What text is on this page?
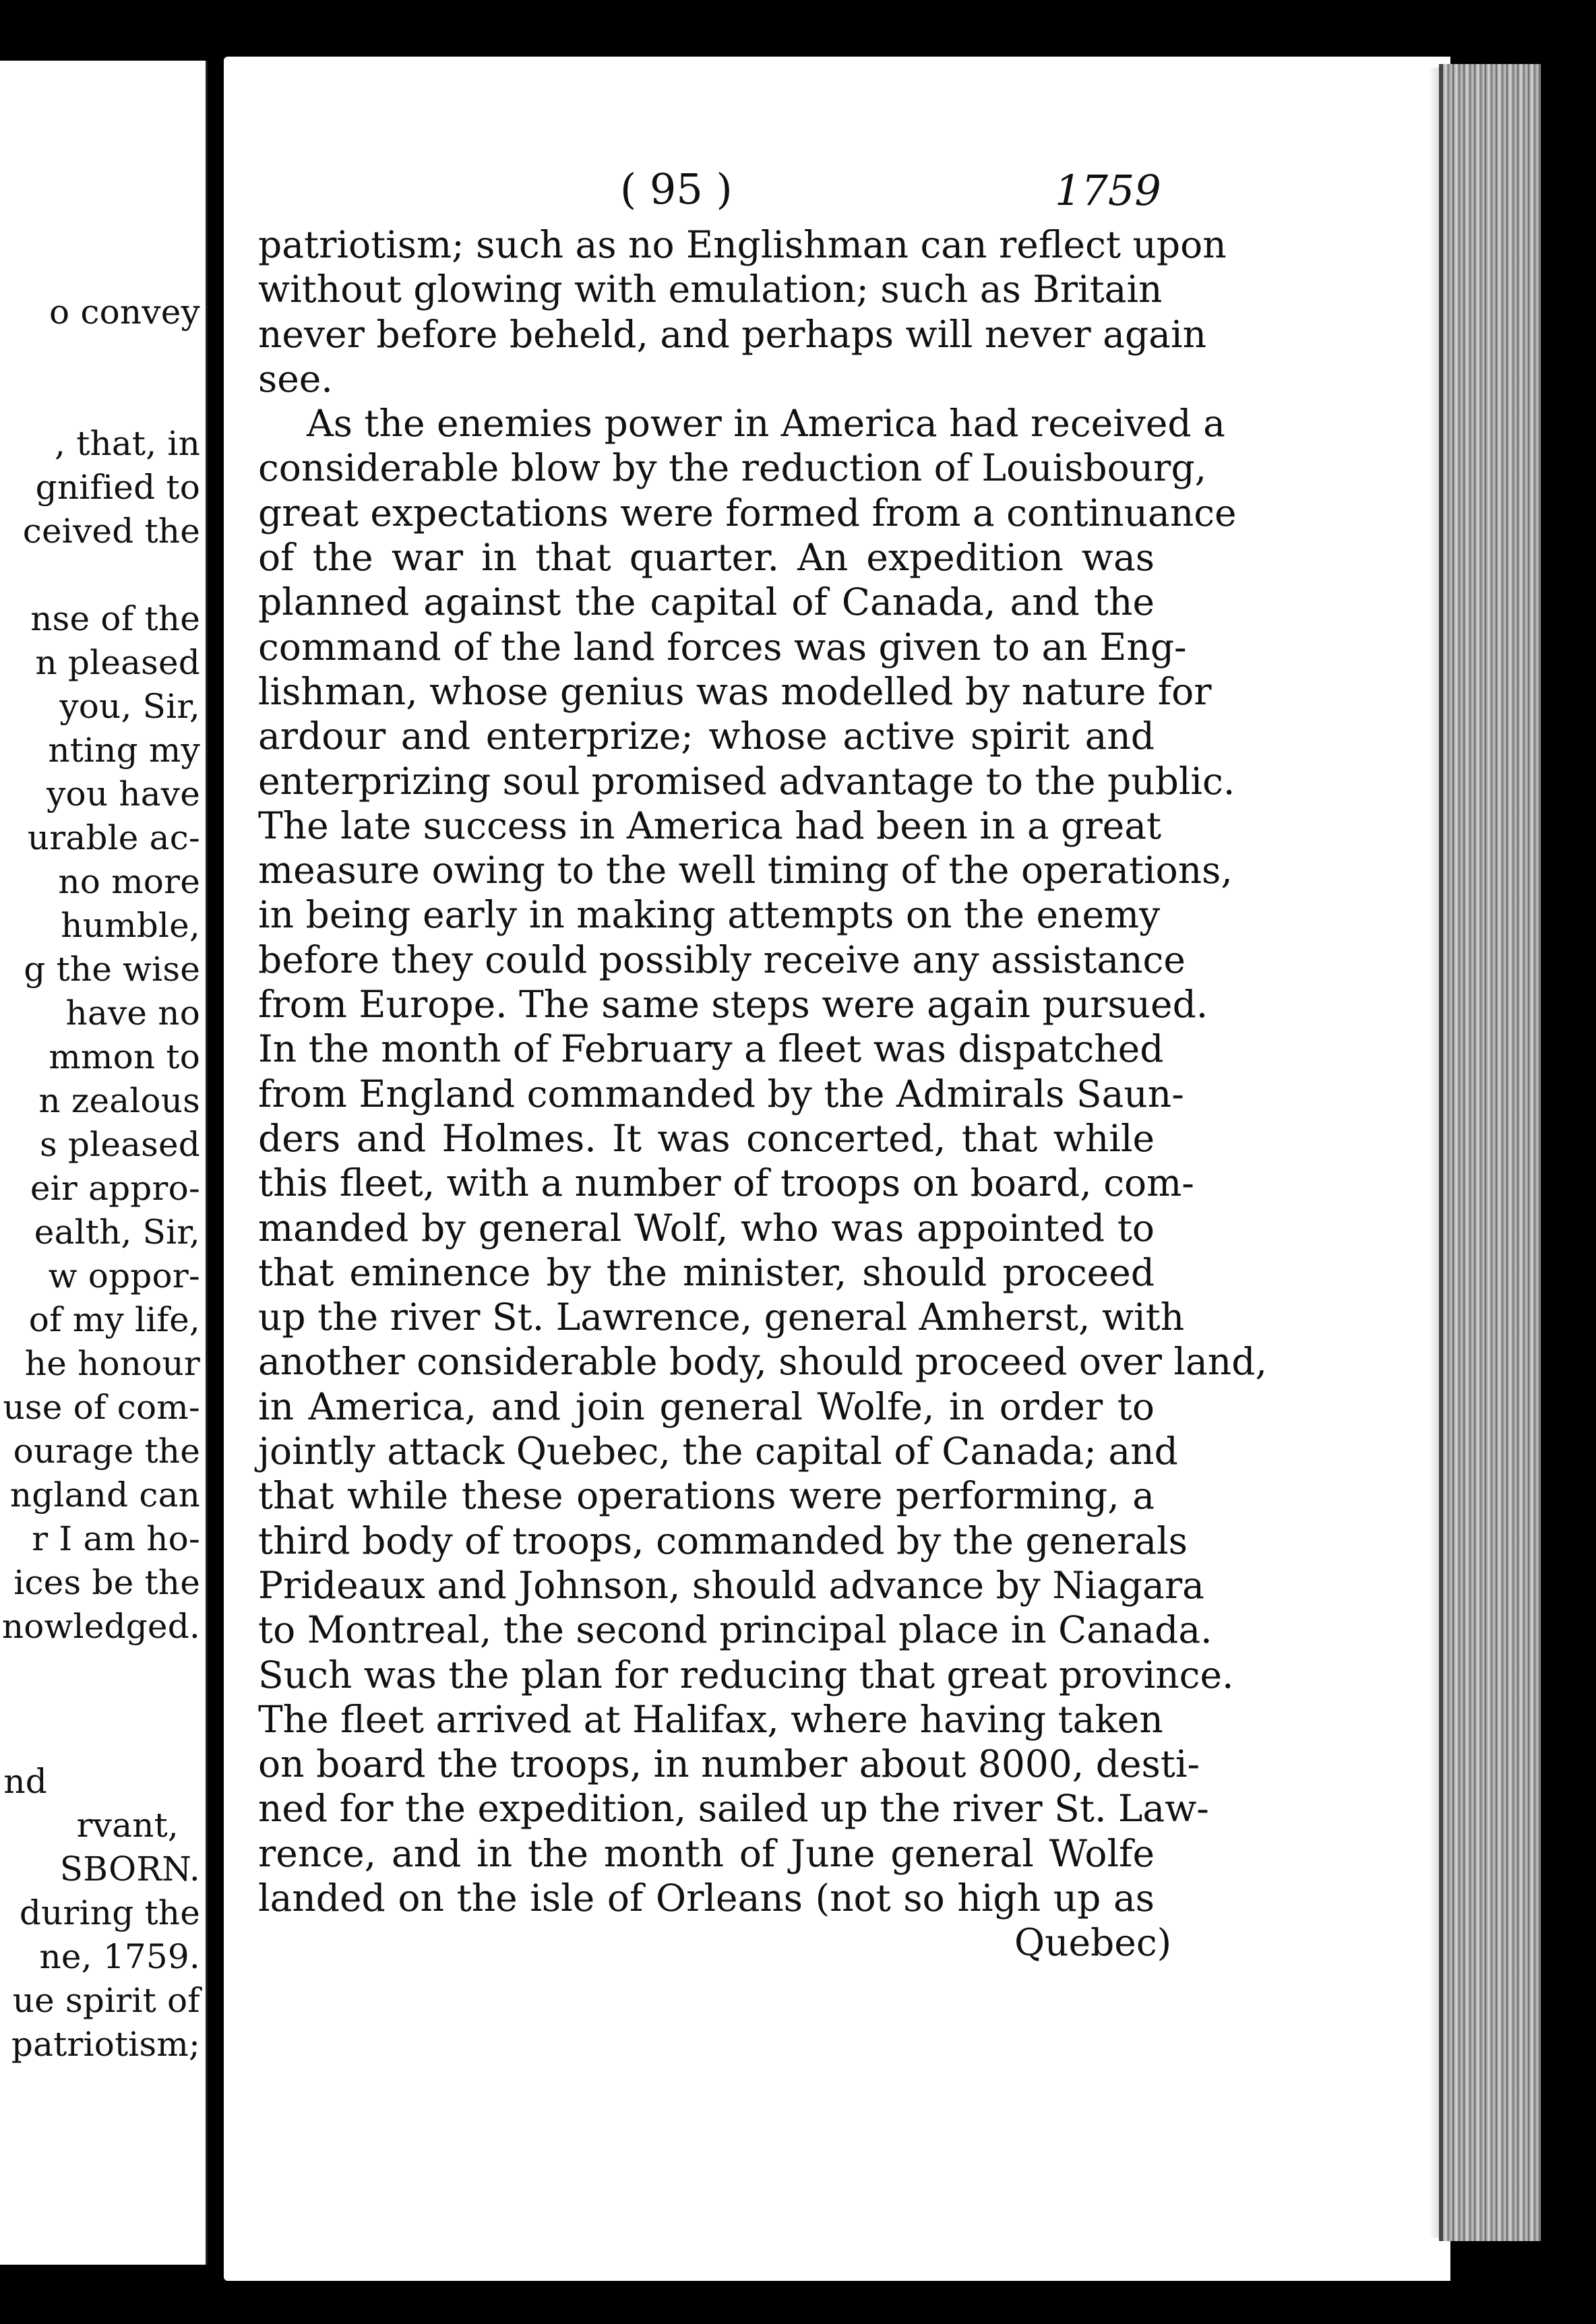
o convey
, that, in
gnified to
ceived the
nse of the
n pleased
you, Sir,
nting my
you have
urable ac-
no more
humble,
g the wise
have no
mmon to
n zealous
s pleased
eir appro-
ealth, Sir,
w oppor-
of my life,
he honour
use of com-
ourage the
ngland can
r I am ho-
ices be the
nowledged.
nd
rvant,
SBORN.
during the
ne, 1759.
ue spirit of
patriotism;
( 95 )	1759
patriotism; such as no Englishman can reflect upon
without glowing with emulation; such as Britain
never before beheld, and perhaps will never again
see.
As the enemies power in America had received a
considerable blow by the reduction of Louisbourg,
great expectations were formed from a continuance
of the war in that quarter. An expedition was
planned against the capital of Canada, and the
command of the land forces was given to an Eng-
lishman, whose genius was modelled by nature for
ardour and enterprize; whose active spirit and
enterprizing soul promised advantage to the public.
The late success in America had been in a great
measure owing to the well timing of the operations,
in being early in making attempts on the enemy
before they could possibly receive any assistance
from Europe. The same steps were again pursued.
In the month of February a fleet was dispatched
from England commanded by the Admirals Saun-
ders and Holmes. It was concerted, that while
this fleet, with a number of troops on board, com-
manded by general Wolf, who was appointed to
that eminence by the minister, should proceed
up the river St. Lawrence, general Amherst, with
another considerable body, should proceed over land,
in America, and join general Wolfe, in order to
jointly attack Quebec, the capital of Canada; and
that while these operations were performing, a
third body of troops, commanded by the generals
Prideaux and Johnson, should advance by Niagara
to Montreal, the second principal place in Canada.
Such was the plan for reducing that great province.
The fleet arrived at Halifax, where having taken
on board the troops, in number about 8000, desti-
ned for the expedition, sailed up the river St. Law-
rence, and in the month of June general Wolfe
landed on the isle of Orleans (not so high up as
Quebec)
